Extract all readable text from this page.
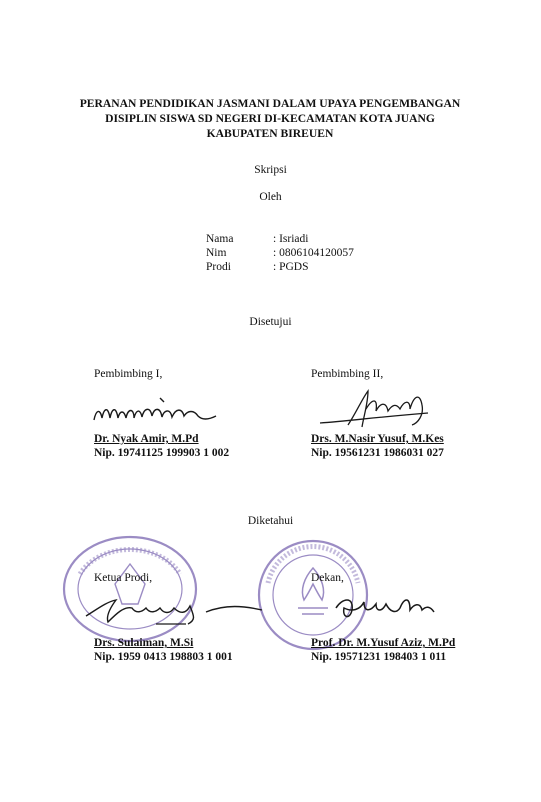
PERANAN PENDIDIKAN JASMANI DALAM UPAYA PENGEMBANGAN
DISIPLIN SISWA SD NEGERI DI-KECAMATAN KOTA JUANG
KABUPATEN BIREUEN
Skripsi
Oleh
Nama	: Isriadi
Nim	: 0806104120057
Prodi	: PGDS
Disetujui
Pembimbing I,	Pembimbing II,
Dr. Nyak Amir, M.Pd
Nip. 19741125 199903 1 002
Drs. M.Nasir Yusuf, M.Kes
Nip. 19561231 1986031 027
Diketahui
Ketua Prodi,	Dekan,
Drs. Sulaiman, M.Si
Nip. 1959 0413 198803 1 001
Prof. Dr. M.Yusuf Aziz, M.Pd
Nip. 19571231 198403 1 011
